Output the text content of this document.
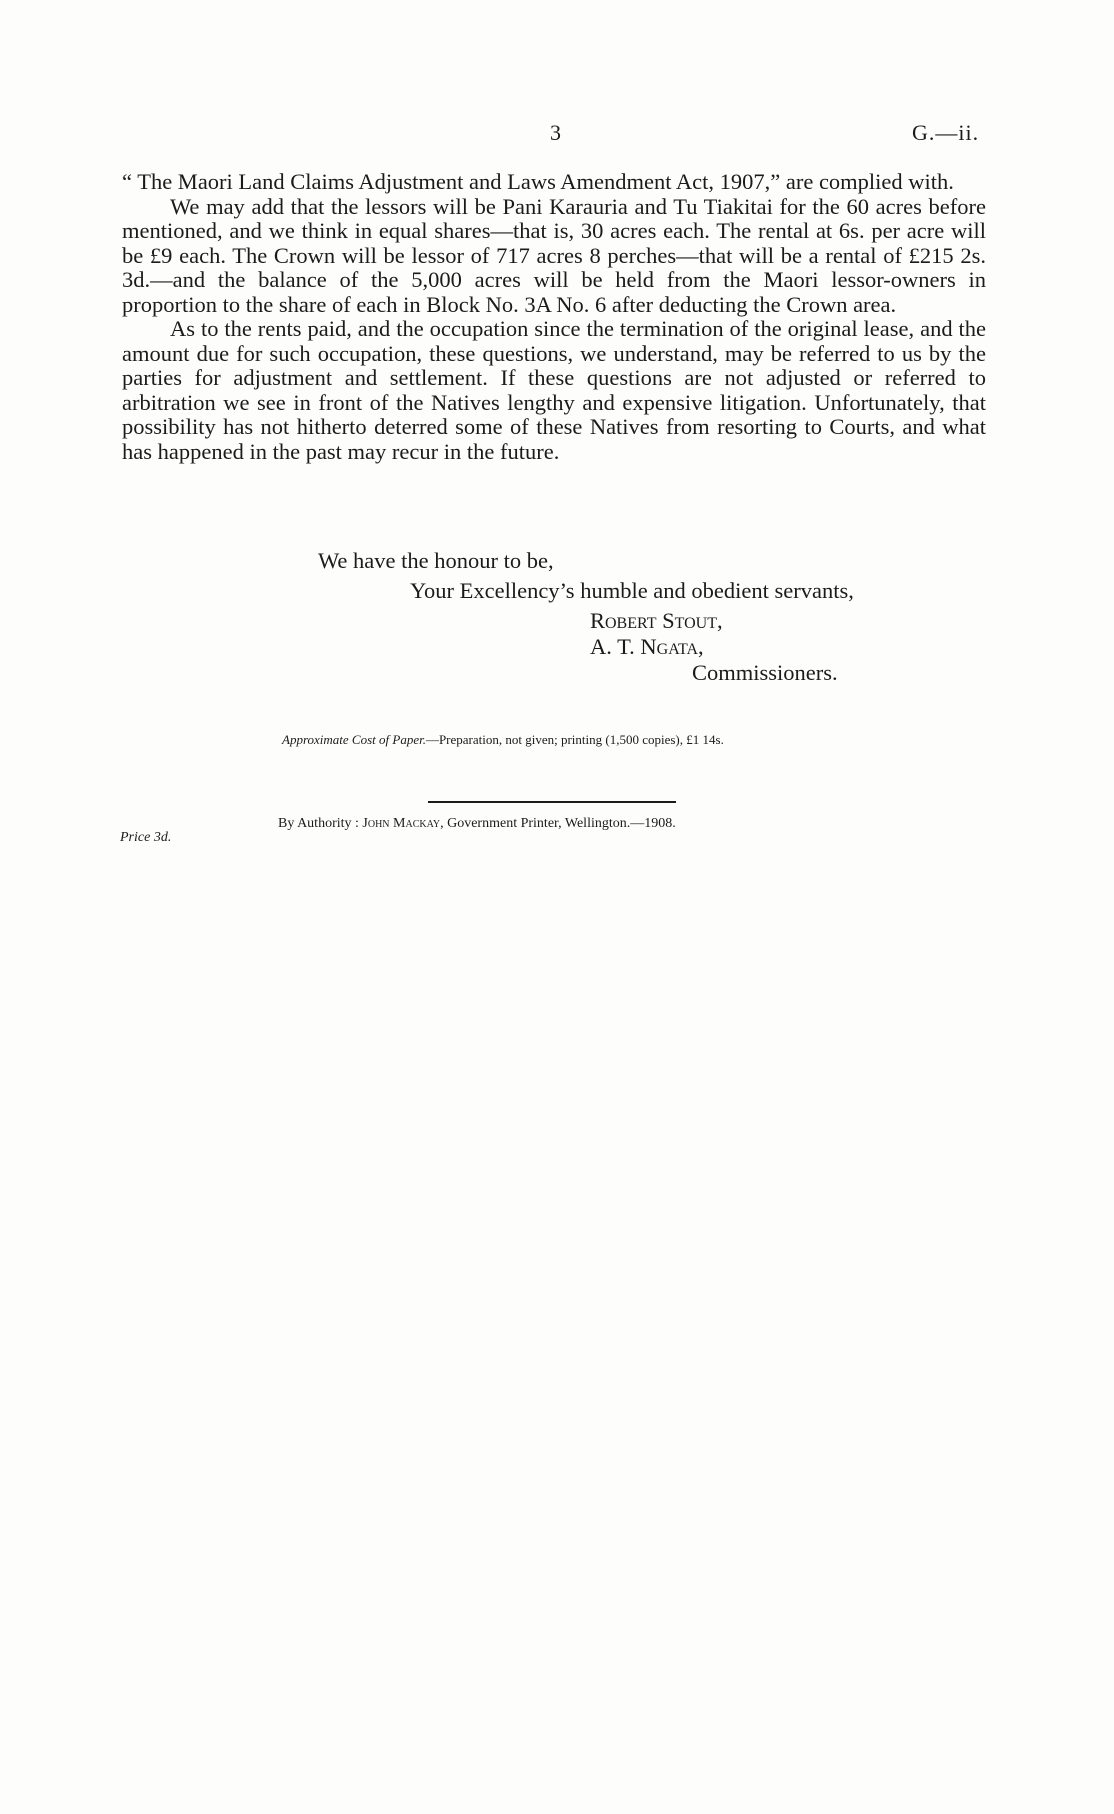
3	G.—ii.

“ The Maori Land Claims Adjustment and Laws Amendment Act, 1907,” are complied with.

We may add that the lessors will be Pani Karauria and Tu Tiakitai for the 60 acres before mentioned, and we think in equal shares—that is, 30 acres each. The rental at 6s. per acre will be £9 each. The Crown will be lessor of 717 acres 8 perches—that will be a rental of £215 2s. 3d.—and the balance of the 5,000 acres will be held from the Maori lessor-owners in proportion to the share of each in Block No. 3A No. 6 after deducting the Crown area.

As to the rents paid, and the occupation since the termination of the original lease, and the amount due for such occupation, these questions, we understand, may be referred to us by the parties for adjustment and settlement. If these questions are not adjusted or referred to arbitration we see in front of the Natives lengthy and expensive litigation. Unfortunately, that possibility has not hitherto deterred some of these Natives from resorting to Courts, and what has happened in the past may recur in the future.

We have the honour to be,
Your Excellency’s humble and obedient servants,
Robert Stout,
A. T. Ngata,
Commissioners.
Approximate Cost of Paper.—Preparation, not given; printing (1,500 copies), £1 14s.
Price 3d.
By Authority : John Mackay, Government Printer, Wellington.—1908.
